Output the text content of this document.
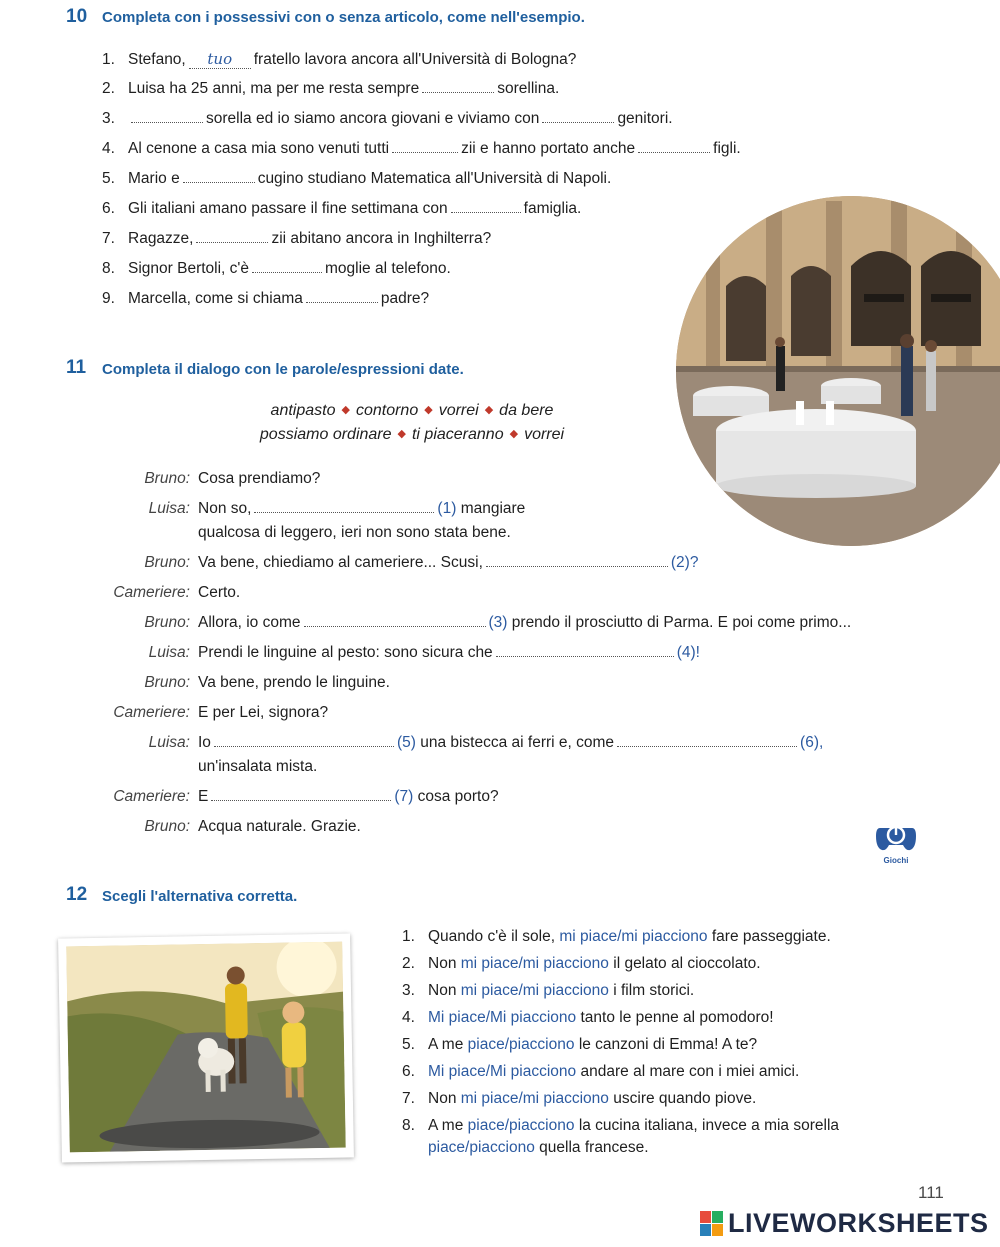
10 Completa con i possessivi con o senza articolo, come nell'esempio.
1. Stefano, tuo fratello lavora ancora all'Università di Bologna?
2. Luisa ha 25 anni, ma per me resta sempre	sorellina.
3.	sorella ed io siamo ancora giovani e viviamo con	genitori.
4. Al cenone a casa mia sono venuti tutti	zii e hanno portato anche	figli.
5. Mario e	cugino studiano Matematica all'Università di Napoli.
6. Gli italiani amano passare il fine settimana con	famiglia.
7. Ragazze,	zii abitano ancora in Inghilterra?
8. Signor Bertoli, c'è	moglie al telefono.
9. Marcella, come si chiama	padre?
11 Completa il dialogo con le parole/espressioni date.
antipasto ◆ contorno ◆ vorrei ◆ da bere
possiamo ordinare ◆ ti piaceranno ◆ vorrei
Bruno: Cosa prendiamo?
Luisa: Non so,	(1) mangiare
qualcosa di leggero, ieri non sono stata bene.
Bruno: Va bene, chiediamo al cameriere... Scusi,	(2)?
Cameriere: Certo.
Bruno: Allora, io come	(3) prendo il prosciutto di Parma. E poi come primo...
Luisa: Prendi le linguine al pesto: sono sicura che	(4)!
Bruno: Va bene, prendo le linguine.
Cameriere: E per Lei, signora?
Luisa: Io	(5) una bistecca ai ferri e, come	(6),
un'insalata mista.
Cameriere: E	(7) cosa porto?
Bruno: Acqua naturale. Grazie.
Giochi
12 Scegli l'alternativa corretta.
1. Quando c'è il sole, mi piace/mi piacciono fare passeggiate.
2. Non mi piace/mi piacciono il gelato al cioccolato.
3. Non mi piace/mi piacciono i film storici.
4. Mi piace/Mi piacciono tanto le penne al pomodoro!
5. A me piace/piacciono le canzoni di Emma! A te?
6. Mi piace/Mi piacciono andare al mare con i miei amici.
7. Non mi piace/mi piacciono uscire quando piove.
8. A me piace/piacciono la cucina italiana, invece a mia sorella
piace/piacciono quella francese.
111
LIVEWORKSHEETS
